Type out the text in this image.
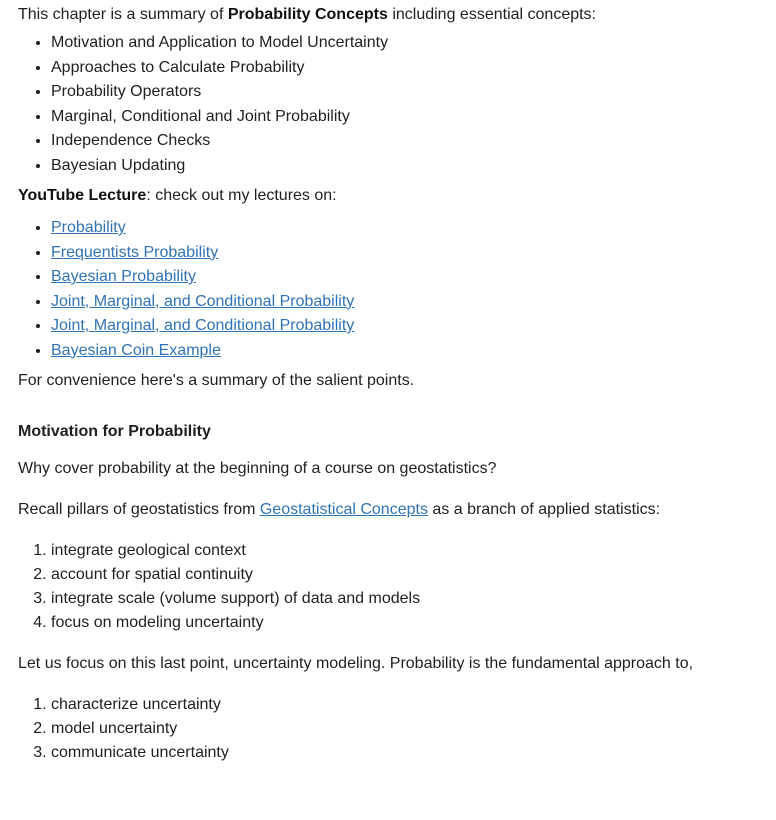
This chapter is a summary of Probability Concepts including essential concepts:

• Motivation and Application to Model Uncertainty
• Approaches to Calculate Probability
• Probability Operators
• Marginal, Conditional and Joint Probability
• Independence Checks
• Bayesian Updating

YouTube Lecture: check out my lectures on:

• Probability
• Frequentists Probability
• Bayesian Probability
• Joint, Marginal, and Conditional Probability
• Joint, Marginal, and Conditional Probability
• Bayesian Coin Example

For convenience here's a summary of the salient points.

Motivation for Probability

Why cover probability at the beginning of a course on geostatistics?

Recall pillars of geostatistics from Geostatistical Concepts as a branch of applied statistics:

1. integrate geological context
2. account for spatial continuity
3. integrate scale (volume support) of data and models
4. focus on modeling uncertainty

Let us focus on this last point, uncertainty modeling. Probability is the fundamental approach to,

1. characterize uncertainty
2. model uncertainty
3. communicate uncertainty
